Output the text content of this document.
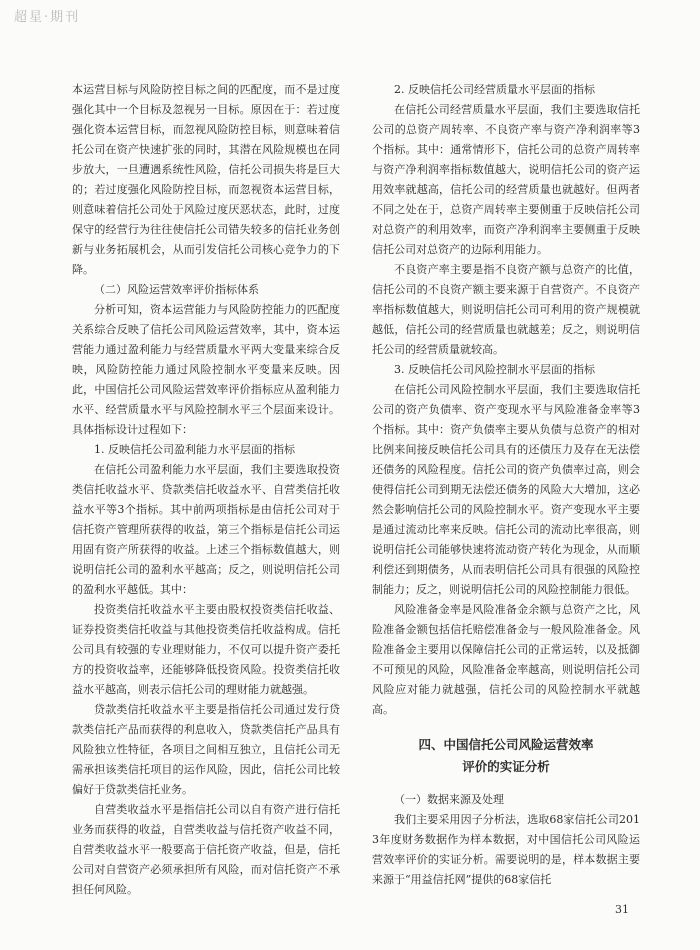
超星·期刊

本运营目标与风险防控目标之间的匹配度，而不是过度强化其中一个目标及忽视另一目标。原因在于：若过度强化资本运营目标，而忽视风险防控目标，则意味着信托公司在资产快速扩张的同时，其潜在风险规模也在同步放大，一旦遭遇系统性风险，信托公司损失将是巨大的；若过度强化风险防控目标，而忽视资本运营目标，则意味着信托公司处于风险过度厌恶状态，此时，过度保守的经营行为往往使信托公司错失较多的信托业务创新与业务拓展机会，从而引发信托公司核心竞争力的下降。

（二）风险运营效率评价指标体系

分析可知，资本运营能力与风险防控能力的匹配度关系综合反映了信托公司风险运营效率，其中，资本运营能力通过盈利能力与经营质量水平两大变量来综合反映，风险防控能力通过风险控制水平变量来反映。因此，中国信托公司风险运营效率评价指标应从盈利能力水平、经营质量水平与风险控制水平三个层面来设计。具体指标设计过程如下：

1. 反映信托公司盈利能力水平层面的指标

在信托公司盈利能力水平层面，我们主要选取投资类信托收益水平、贷款类信托收益水平、自营类信托收益水平等3个指标。其中前两项指标是由信托公司对于信托资产管理所获得的收益，第三个指标是信托公司运用固有资产所获得的收益。上述三个指标数值越大，则说明信托公司的盈利水平越高；反之，则说明信托公司的盈利水平越低。其中：

投资类信托收益水平主要由股权投资类信托收益、证券投资类信托收益与其他投资类信托收益构成。信托公司具有较强的专业理财能力，不仅可以提升资产委托方的投资收益率，还能够降低投资风险。投资类信托收益水平越高，则表示信托公司的理财能力就越强。

贷款类信托收益水平主要是指信托公司通过发行贷款类信托产品而获得的利息收入，贷款类信托产品具有风险独立性特征，各项目之间相互独立，且信托公司无需承担该类信托项目的运作风险，因此，信托公司比较偏好于贷款类信托业务。

自营类收益水平是指信托公司以自有资产进行信托业务而获得的收益，自营类收益与信托资产收益不同，自营类收益水平一般要高于信托资产收益，但是，信托公司对自营资产必须承担所有风险，而对信托资产不承担任何风险。

2. 反映信托公司经营质量水平层面的指标

在信托公司经营质量水平层面，我们主要选取信托公司的总资产周转率、不良资产率与资产净利润率等3个指标。其中：通常情形下，信托公司的总资产周转率与资产净利润率指标数值越大，说明信托公司的资产运用效率就越高，信托公司的经营质量也就越好。但两者不同之处在于，总资产周转率主要侧重于反映信托公司对总资产的利用效率，而资产净利润率主要侧重于反映信托公司对总资产的边际利用能力。

不良资产率主要是指不良资产额与总资产的比值，信托公司的不良资产额主要来源于自营资产。不良资产率指标数值越大，则说明信托公司可利用的资产规模就越低，信托公司的经营质量也就越差；反之，则说明信托公司的经营质量就较高。

3. 反映信托公司风险控制水平层面的指标

在信托公司风险控制水平层面，我们主要选取信托公司的资产负债率、资产变现水平与风险准备金率等3个指标。其中：资产负债率主要从负债与总资产的相对比例来间接反映信托公司具有的还债压力及存在无法偿还债务的风险程度。信托公司的资产负债率过高，则会使得信托公司到期无法偿还债务的风险大大增加，这必然会影响信托公司的风险控制水平。资产变现水平主要是通过流动比率来反映。信托公司的流动比率很高，则说明信托公司能够快速将流动资产转化为现金，从而顺利偿还到期债务，从而表明信托公司具有很强的风险控制能力；反之，则说明信托公司的风险控制能力很低。

风险准备金率是风险准备金余额与总资产之比，风险准备金额包括信托赔偿准备金与一般风险准备金。风险准备金主要用以保障信托公司的正常运转，以及抵御不可预见的风险，风险准备金率越高，则说明信托公司风险应对能力就越强，信托公司的风险控制水平就越高。

四、中国信托公司风险运营效率
评价的实证分析

（一）数据来源及处理

我们主要采用因子分析法，选取68家信托公司2013年度财务数据作为样本数据，对中国信托公司风险运营效率评价的实证分析。需要说明的是，样本数据主要来源于“用益信托网”提供的68家信托

31
